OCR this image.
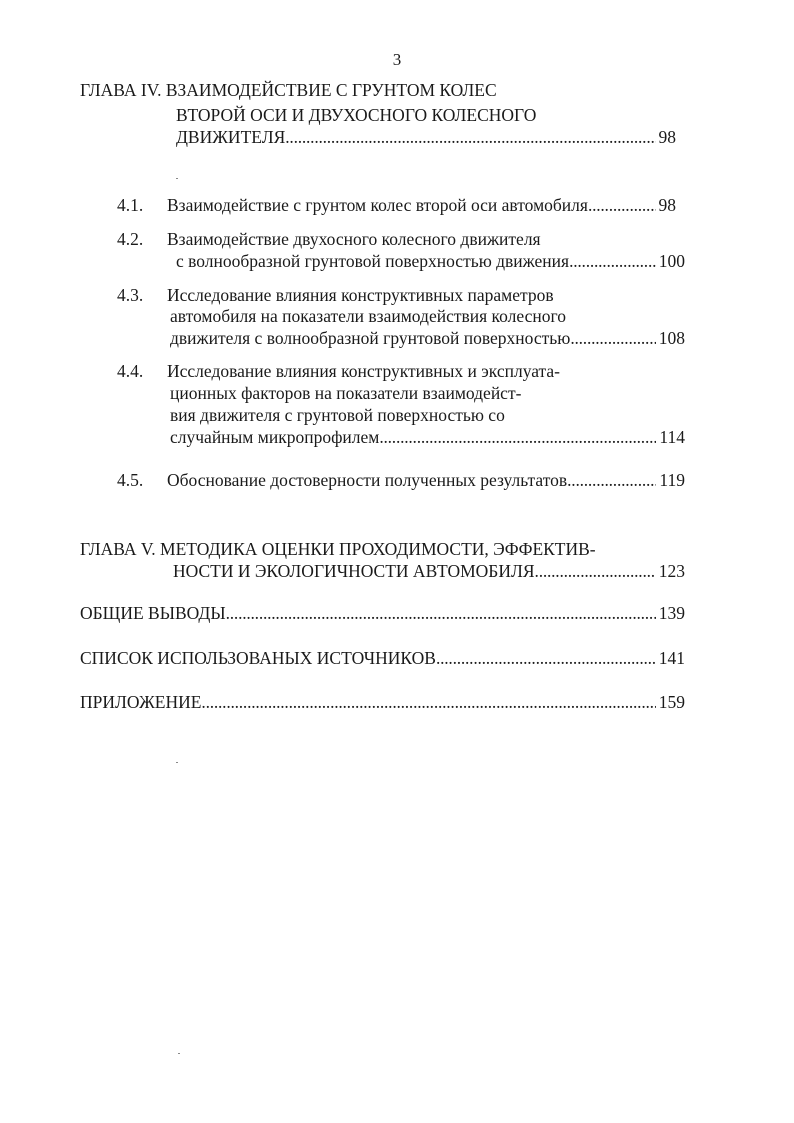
3
ГЛАВА IV. ВЗАИМОДЕЙСТВИЕ С ГРУНТОМ КОЛЕС
ВТОРОЙ ОСИ И ДВУХОСНОГО КОЛЕСНОГО
ДВИЖИТЕЛЯ . . .	98
4.1. Взаимодействие с грунтом колес второй оси автомобиля . . .	98
4.2. Взаимодействие двухосного колесного движителя
с волнообразной грунтовой поверхностью движения . . .	100
4.3. Исследование влияния конструктивных параметров
автомобиля на показатели взаимодействия колесного
движителя с волнообразной грунтовой поверхностью . . .	108
4.4. Исследование влияния конструктивных и эксплуата-
ционных факторов на показатели взаимодейст-
вия движителя с грунтовой поверхностью со
случайным микропрофилем . . .	114
4.5. Обоснование достоверности полученных результатов . . .	119
ГЛАВА V. МЕТОДИКА ОЦЕНКИ ПРОХОДИМОСТИ, ЭФФЕКТИВ-
НОСТИ И ЭКОЛОГИЧНОСТИ АВТОМОБИЛЯ . . .	123
ОБЩИЕ ВЫВОДЫ . . .	139
СПИСОК ИСПОЛЬЗОВАНЫХ ИСТОЧНИКОВ . . .	141
ПРИЛОЖЕНИЕ . . .	159
